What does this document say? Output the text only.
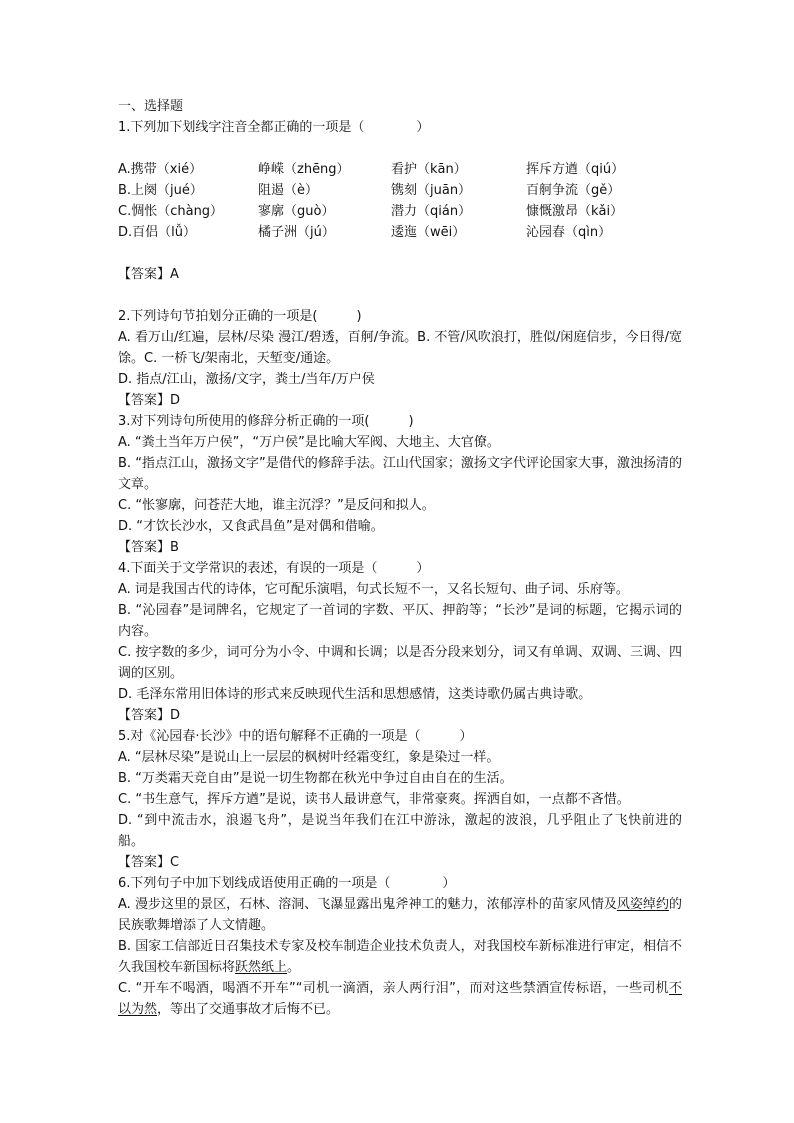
一、选择题
1.下列加下划线字注音全都正确的一项是（　　　　）
A.携带（xié）	峥嵘（zhēng）	看护（kān）	挥斥方遒（qiú）
B.上阕（jué）	阻遏（è）	镌刻（juān）	百舸争流（gě）
C.惆怅（chàng）	寥廓（guò）	潜力（qián）	慷慨激昂（kǎi）
D.百侣（lǚ）	橘子洲（jú）	逶迤（wēi）	沁园春（qìn）
【答案】A
2.下列诗句节拍划分正确的一项是(　　　)
A. 看万山/红遍，层林/尽染 漫江/碧透，百舸/争流。B. 不管/风吹浪打，胜似/闲庭信步，今日得/宽馀。C. 一桥飞/架南北，天堑变/通途。
D. 指点/江山，激扬/文字，粪土/当年/万户侯
【答案】D
3.对下列诗句所使用的修辞分析正确的一项(　　　)
A. “粪土当年万户侯”，“万户侯”是比喻大军阀、大地主、大官僚。
B. “指点江山，激扬文字”是借代的修辞手法。江山代国家；激扬文字代评论国家大事，激浊扬清的文章。
C. “怅寥廓，问苍茫大地，谁主沉浮？”是反问和拟人。
D. “才饮长沙水，又食武昌鱼”是对偶和借喻。
【答案】B
4.下面关于文学常识的表述，有误的一项是（　　　）
A. 词是我国古代的诗体，它可配乐演唱，句式长短不一，又名长短句、曲子词、乐府等。
B. “沁园春”是词牌名，它规定了一首词的字数、平仄、押韵等；“长沙”是词的标题，它揭示词的内容。
C. 按字数的多少，词可分为小令、中调和长调；以是否分段来划分，词又有单调、双调、三调、四调的区别。
D. 毛泽东常用旧体诗的形式来反映现代生活和思想感情，这类诗歌仍属古典诗歌。
【答案】D
5.对《沁园春·长沙》中的语句解释不正确的一项是（　　　）
A. “层林尽染”是说山上一层层的枫树叶经霜变红，象是染过一样。
B. “万类霜天竞自由”是说一切生物都在秋光中争过自由自在的生活。
C. “书生意气，挥斥方遒”是说，读书人最讲意气，非常豪爽。挥洒自如，一点都不吝惜。
D. “到中流击水，浪遏飞舟”，是说当年我们在江中游泳，激起的波浪，几乎阻止了飞快前进的船。
【答案】C
6.下列句子中加下划线成语使用正确的一项是（　　　　）
A. 漫步这里的景区，石林、溶洞、飞瀑显露出鬼斧神工的魅力，浓郁淳朴的苗家风情及风姿绰约的民族歌舞增添了人文情趣。
B. 国家工信部近日召集技术专家及校车制造企业技术负责人，对我国校车新标准进行审定，相信不久我国校车新国标将跃然纸上。
C. “开车不喝酒，喝酒不开车”“司机一滴酒，亲人两行泪”，而对这些禁酒宣传标语，一些司机不以为然，等出了交通事故才后悔不已。
